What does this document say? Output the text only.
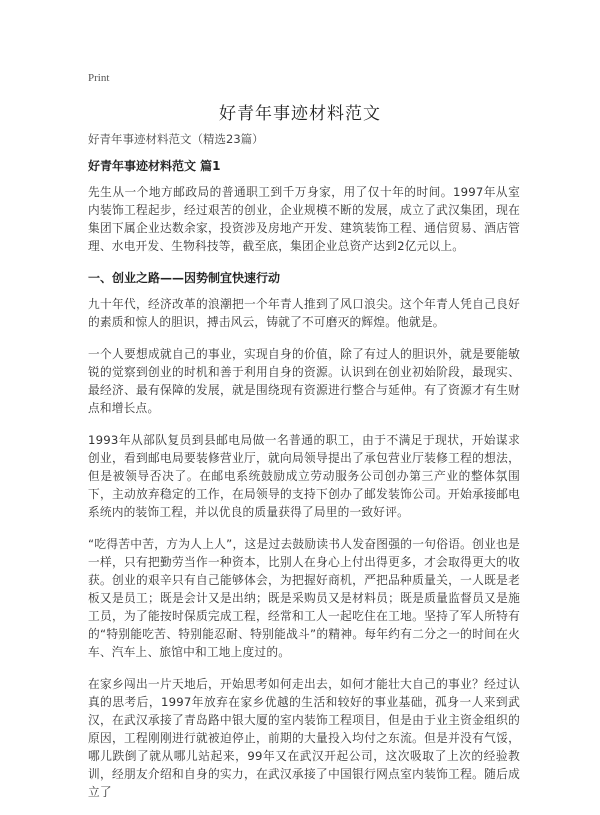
Print
好青年事迹材料范文
好青年事迹材料范文（精选23篇）
好青年事迹材料范文 篇1

先生从一个地方邮政局的普通职工到千万身家，用了仅十年的时间。1997年从室内装饰工程起步，经过艰苦的创业，企业规模不断的发展，成立了武汉集团，现在集团下属企业达数余家，投资涉及房地产开发、建筑装饰工程、通信贸易、酒店管理、水电开发、生物科技等，截至底，集团企业总资产达到2亿元以上。

一、创业之路——因势制宜快速行动

九十年代，经济改革的浪潮把一个年青人推到了风口浪尖。这个年青人凭自己良好的素质和惊人的胆识，搏击风云，铸就了不可磨灭的辉煌。他就是。

一个人要想成就自己的事业，实现自身的价值，除了有过人的胆识外，就是要能敏锐的觉察到创业的时机和善于利用自身的资源。认识到在创业初始阶段，最现实、最经济、最有保障的发展，就是围绕现有资源进行整合与延伸。有了资源才有生财点和增长点。

1993年从部队复员到县邮电局做一名普通的职工，由于不满足于现状，开始谋求创业，看到邮电局要装修营业厅，就向局领导提出了承包营业厅装修工程的想法，但是被领导否决了。在邮电系统鼓励成立劳动服务公司创办第三产业的整体氛围下，主动放弃稳定的工作，在局领导的支持下创办了邮发装饰公司。开始承接邮电系统内的装饰工程，并以优良的质量获得了局里的一致好评。

“吃得苦中苦，方为人上人”，这是过去鼓励读书人发奋图强的一句俗语。创业也是一样，只有把勤劳当作一种资本，比别人在身心上付出得更多，才会取得更大的收获。创业的艰辛只有自己能够体会，为把握好商机，严把品种质量关，一人既是老板又是员工；既是会计又是出纳；既是采购员又是材料员；既是质量监督员又是施工员，为了能按时保质完成工程，经常和工人一起吃住在工地。坚持了军人所特有的“特别能吃苦、特别能忍耐、特别能战斗”的精神。每年约有二分之一的时间在火车、汽车上、旅馆中和工地上度过的。

在家乡闯出一片天地后，开始思考如何走出去，如何才能壮大自己的事业？经过认真的思考后，1997年放弃在家乡优越的生活和较好的事业基础，孤身一人来到武汉，在武汉承接了青岛路中银大厦的室内装饰工程项目，但是由于业主资金组织的原因，工程刚刚进行就被迫停止，前期的大量投入均付之东流。但是并没有气馁，哪儿跌倒了就从哪儿站起来，99年又在武汉开起公司，这次吸取了上次的经验教训，经朋友介绍和自身的实力，在武汉承接了中国银行网点室内装饰工程。随后成立了
